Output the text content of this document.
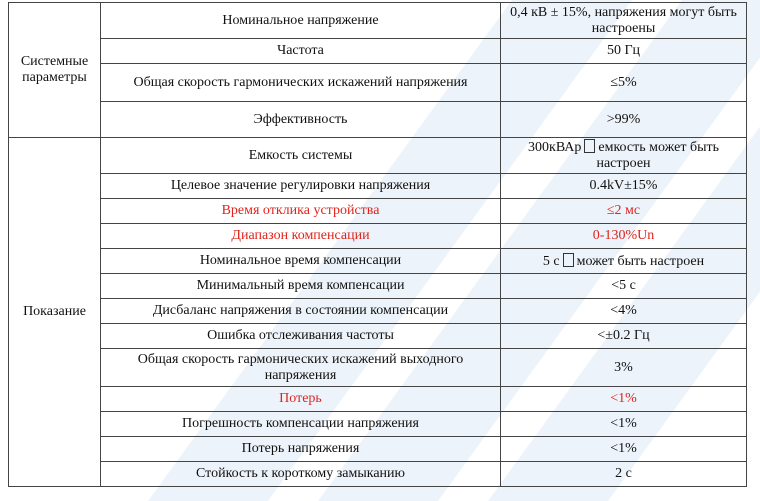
Системные параметры	Номинальное напряжение	0,4 кВ ± 15%, напряжения могут быть настроены
	Частота	50 Гц
	Общая скорость гармонических искажений напряжения	≤5%
	Эффективность	>99%
Показание	Емкость системы	300кВАр емкость может быть настроен
	Целевое значение регулировки напряжения	0.4kV±15%
	Время отклика устройства	≤2 мс
	Диапазон компенсации	0-130%Un
	Номинальное время компенсации	5 с может быть настроен
	Минимальный время компенсации	<5 с
	Дисбаланс напряжения в состоянии компенсации	<4%
	Ошибка отслеживания частоты	<±0.2 Гц
	Общая скорость гармонических искажений выходного напряжения	3%
	Потерь	<1%
	Погрешность компенсации напряжения	<1%
	Потерь напряжения	<1%
	Стойкость к короткому замыканию	2 с
